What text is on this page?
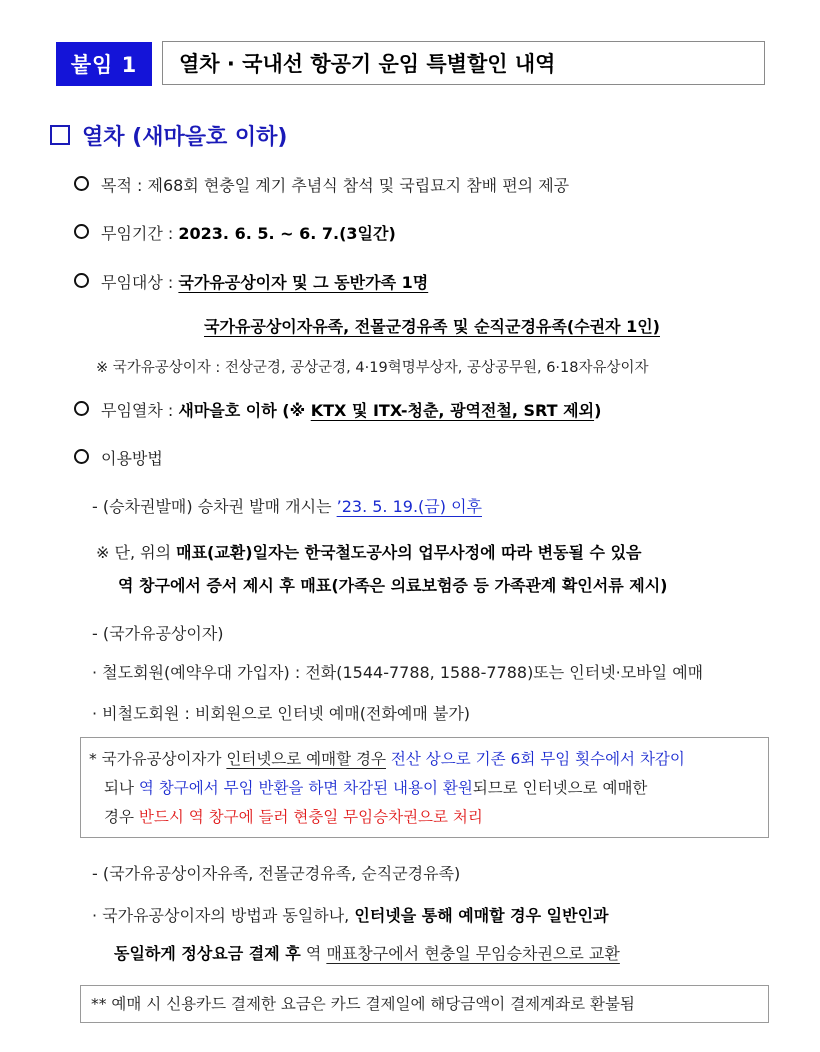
붙임 1	열차 · 국내선 항공기 운임 특별할인 내역
열차 (새마을호 이하)
목적 : 제68회 현충일 계기 추념식 참석 및 국립묘지 참배 편의 제공
무임기간 : 2023. 6. 5. ~ 6. 7.(3일간)
무임대상 : 국가유공상이자 및 그 동반가족 1명
국가유공상이자유족, 전몰군경유족 및 순직군경유족(수권자 1인)
※ 국가유공상이자 : 전상군경, 공상군경, 4·19혁명부상자, 공상공무원, 6·18자유상이자
무임열차 : 새마을호 이하 (※ KTX 및 ITX-청춘, 광역전철, SRT 제외)
이용방법
- (승차권발매) 승차권 발매 개시는 ’23. 5. 19.(금) 이후
※ 단, 위의 매표(교환)일자는 한국철도공사의 업무사정에 따라 변동될 수 있음
역 창구에서 증서 제시 후 매표(가족은 의료보험증 등 가족관계 확인서류 제시)
- (국가유공상이자)
· 철도회원(예약우대 가입자) : 전화(1544-7788, 1588-7788)또는 인터넷·모바일 예매
· 비철도회원 : 비회원으로 인터넷 예매(전화예매 불가)
* 국가유공상이자가 인터넷으로 예매할 경우 전산 상으로 기존 6회 무임 횟수에서 차감이
되나 역 창구에서 무임 반환을 하면 차감된 내용이 환원되므로 인터넷으로 예매한
경우 반드시 역 창구에 들러 현충일 무임승차권으로 처리
- (국가유공상이자유족, 전몰군경유족, 순직군경유족)
· 국가유공상이자의 방법과 동일하나, 인터넷을 통해 예매할 경우 일반인과
동일하게 정상요금 결제 후 역 매표창구에서 현충일 무임승차권으로 교환
** 예매 시 신용카드 결제한 요금은 카드 결제일에 해당금액이 결제계좌로 환불됨
